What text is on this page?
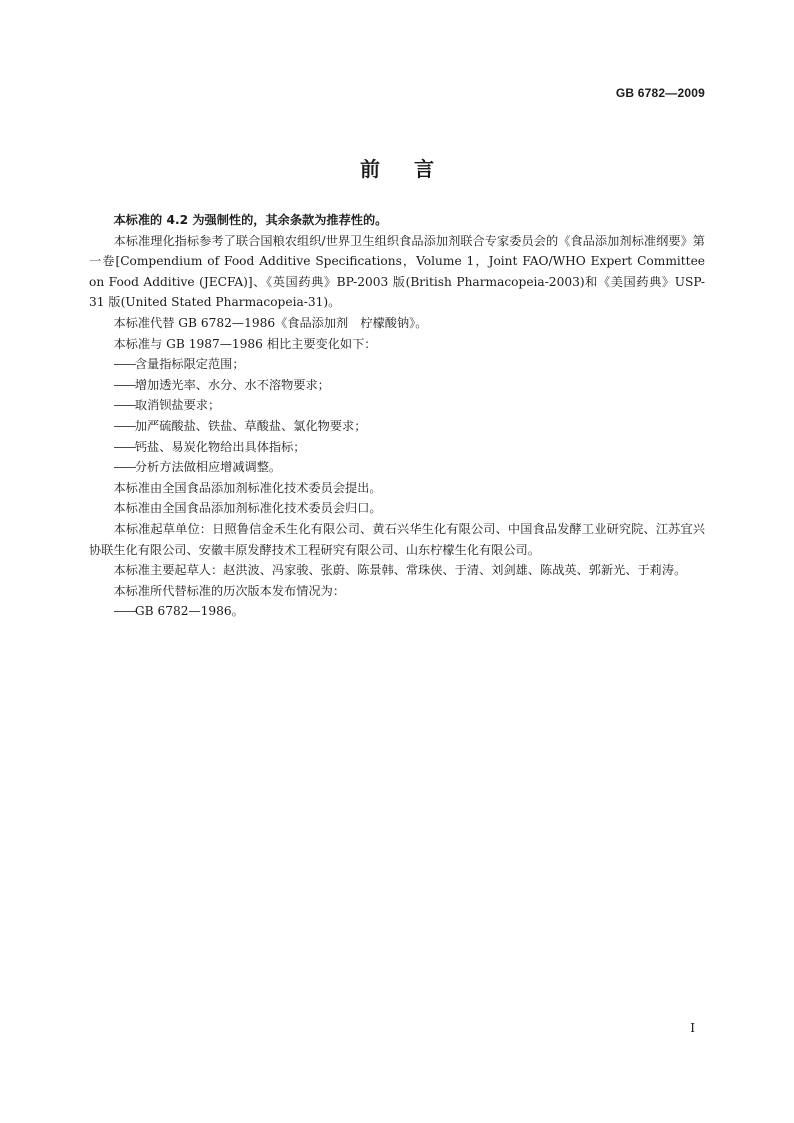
GB 6782—2009
前言

本标准的 4.2 为强制性的，其余条款为推荐性的。

本标准理化指标参考了联合国粮农组织/世界卫生组织食品添加剂联合专家委员会的《食品添加剂标准纲要》第一卷[Compendium of Food Additive Specifications，Volume 1，Joint FAO/WHO Expert Committee on Food Additive (JECFA)]、《英国药典》BP-2003 版(British Pharmacopeia-2003)和《美国药典》USP-31 版(United Stated Pharmacopeia-31)。

本标准代替 GB 6782—1986《食品添加剂　柠檬酸钠》。

本标准与 GB 1987—1986 相比主要变化如下：

——含量指标限定范围；

——增加透光率、水分、水不溶物要求；

——取消钡盐要求；

——加严硫酸盐、铁盐、草酸盐、氯化物要求；

——钙盐、易炭化物给出具体指标；

——分析方法做相应增减调整。

本标准由全国食品添加剂标准化技术委员会提出。

本标准由全国食品添加剂标准化技术委员会归口。

本标准起草单位：日照鲁信金禾生化有限公司、黄石兴华生化有限公司、中国食品发酵工业研究院、江苏宜兴协联生化有限公司、安徽丰原发酵技术工程研究有限公司、山东柠檬生化有限公司。

本标准主要起草人：赵洪波、冯家骏、张蔚、陈景韩、常珠侠、于清、刘剑雄、陈战英、郭新光、于莉涛。

本标准所代替标准的历次版本发布情况为：

——GB 6782—1986。

I
